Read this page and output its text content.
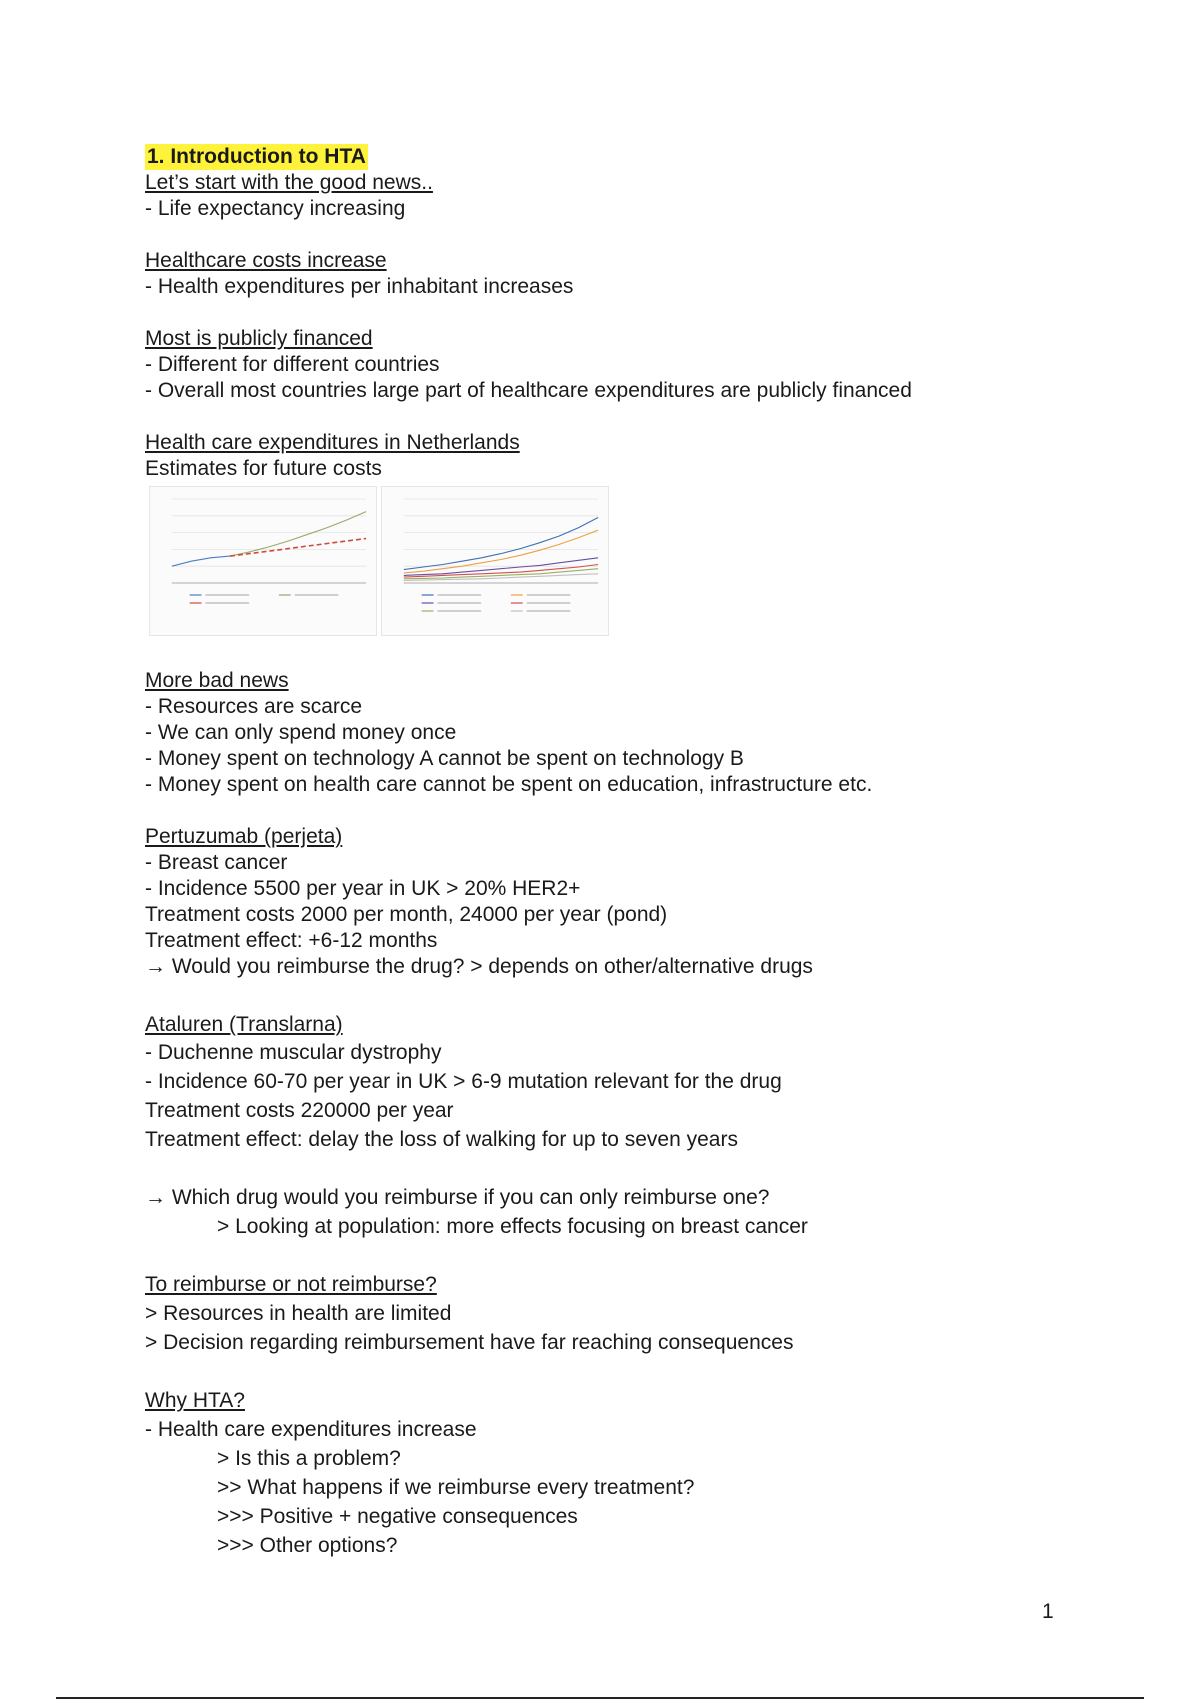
1. Introduction to HTA
Let’s start with the good news..
- Life expectancy increasing
Healthcare costs increase
- Health expenditures per inhabitant increases
Most is publicly financed
- Different for different countries
- Overall most countries large part of healthcare expenditures are publicly financed
Health care expenditures in Netherlands
Estimates for future costs
More bad news
- Resources are scarce
- We can only spend money once
- Money spent on technology A cannot be spent on technology B
- Money spent on health care cannot be spent on education, infrastructure etc.
Pertuzumab (perjeta)
- Breast cancer
- Incidence 5500 per year in UK > 20% HER2+
Treatment costs 2000 per month, 24000 per year (pond)
Treatment effect: +6-12 months
→ Would you reimburse the drug? > depends on other/alternative drugs
Ataluren (Translarna)
- Duchenne muscular dystrophy
- Incidence 60-70 per year in UK > 6-9 mutation relevant for the drug
Treatment costs 220000 per year
Treatment effect: delay the loss of walking for up to seven years
→ Which drug would you reimburse if you can only reimburse one?
> Looking at population: more effects focusing on breast cancer
To reimburse or not reimburse?
> Resources in health are limited
> Decision regarding reimbursement have far reaching consequences
Why HTA?
- Health care expenditures increase
> Is this a problem?
>> What happens if we reimburse every treatment?
>>> Positive + negative consequences
>>> Other options?
1
